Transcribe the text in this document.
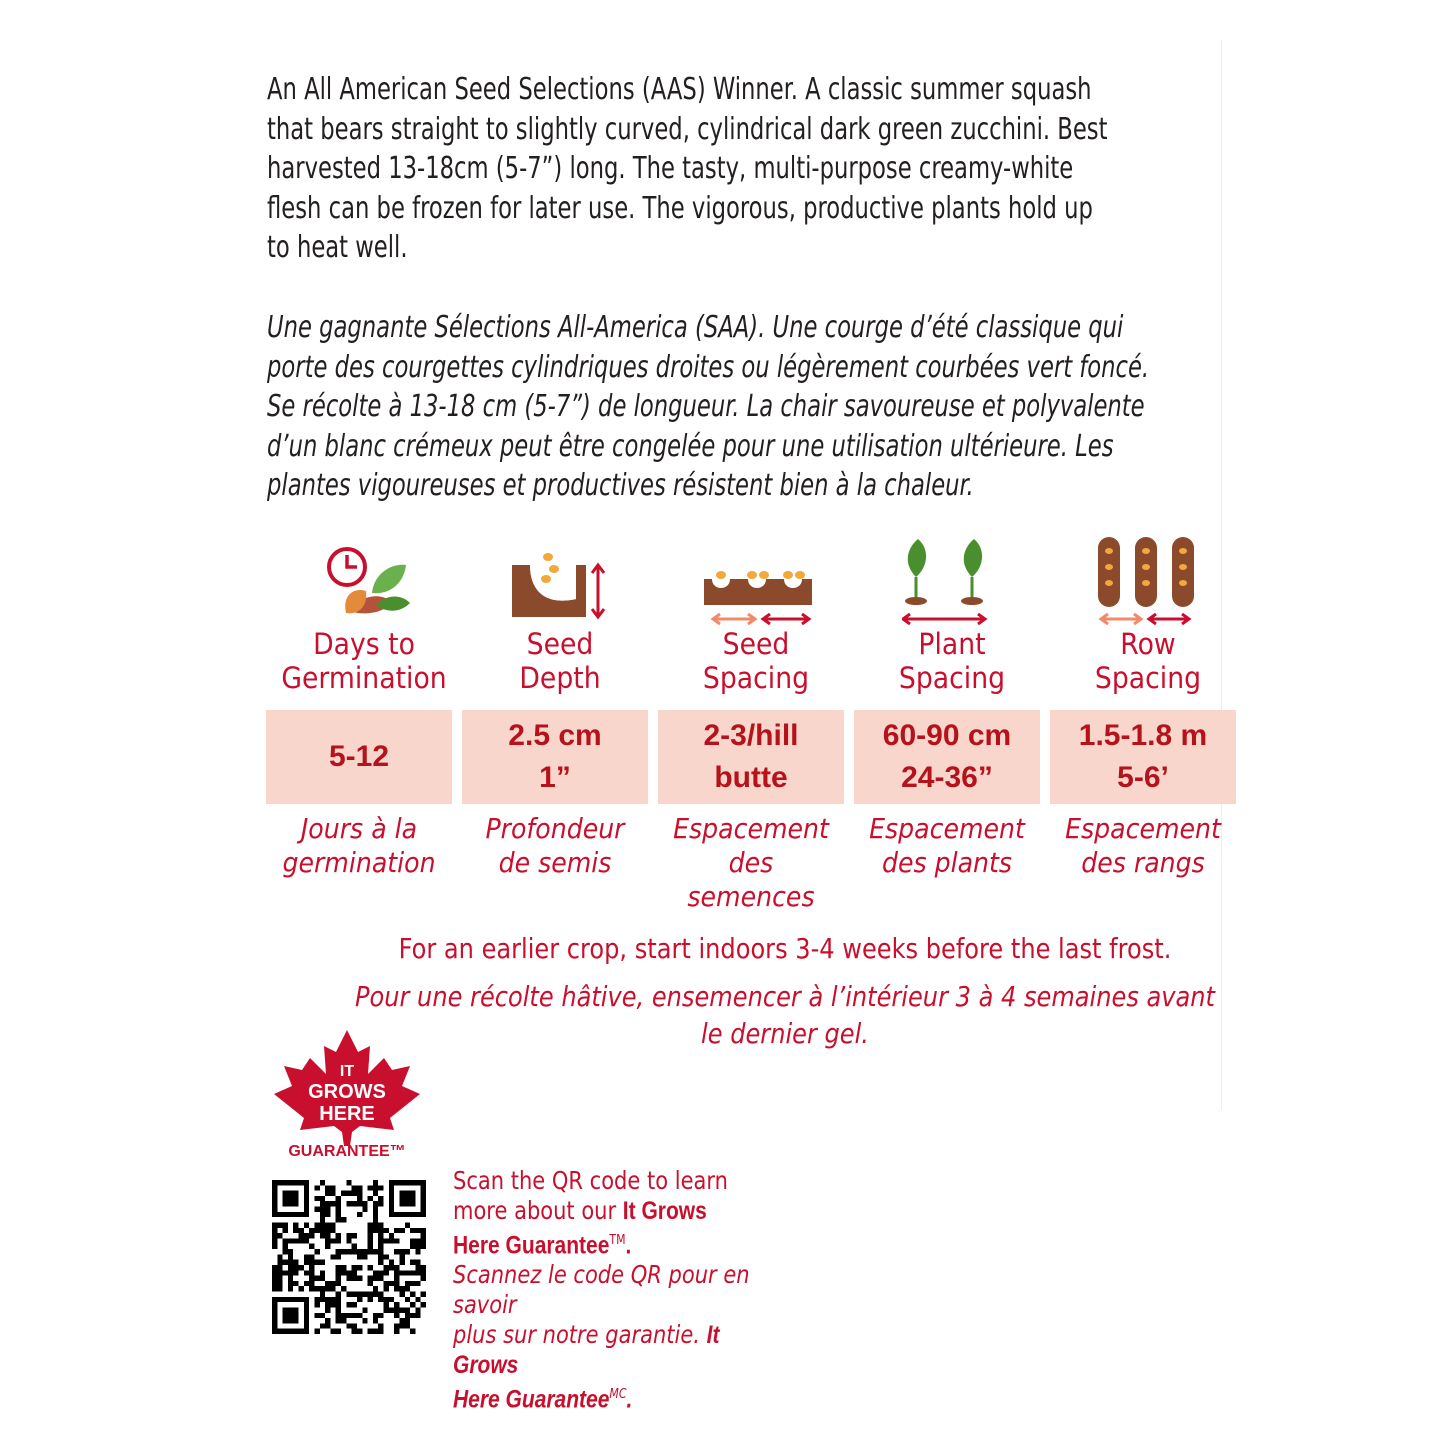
An All American Seed Selections (AAS) Winner. A classic summer squash
that bears straight to slightly curved, cylindrical dark green zucchini. Best
harvested 13-18cm (5-7”) long. The tasty, multi-purpose creamy-white
flesh can be frozen for later use. The vigorous, productive plants hold up
to heat well.

Une gagnante Sélections All-America (SAA). Une courge d’été classique qui
porte des courgettes cylindriques droites ou légèrement courbées vert foncé.
Se récolte à 13-18 cm (5-7”) de longueur. La chair savoureuse et polyvalente
d’un blanc crémeux peut être congelée pour une utilisation ultérieure. Les
plantes vigoureuses et productives résistent bien à la chaleur.

Days to
Germination
5-12
Jours à la
germination
Seed
Depth
2.5 cm
1”
Profondeur
de semis
Seed
Spacing
2-3/hill
butte
Espacement
des semences
Plant
Spacing
60-90 cm
24-36”
Espacement
des plants
Row
Spacing
1.5-1.8 m
5-6’
Espacement
des rangs
For an earlier crop, start indoors 3-4 weeks before the last frost.
Pour une récolte hâtive, ensemencer à l’intérieur 3 à 4 semaines avant
le dernier gel.
IT
GROWS
HERE
GUARANTEE™
Scan the QR code to learn
more about our It Grows
Here Guarantee™.
Scannez le code QR pour en savoir
plus sur notre garantie. It Grows
Here Guarantee$^{MC}$.
